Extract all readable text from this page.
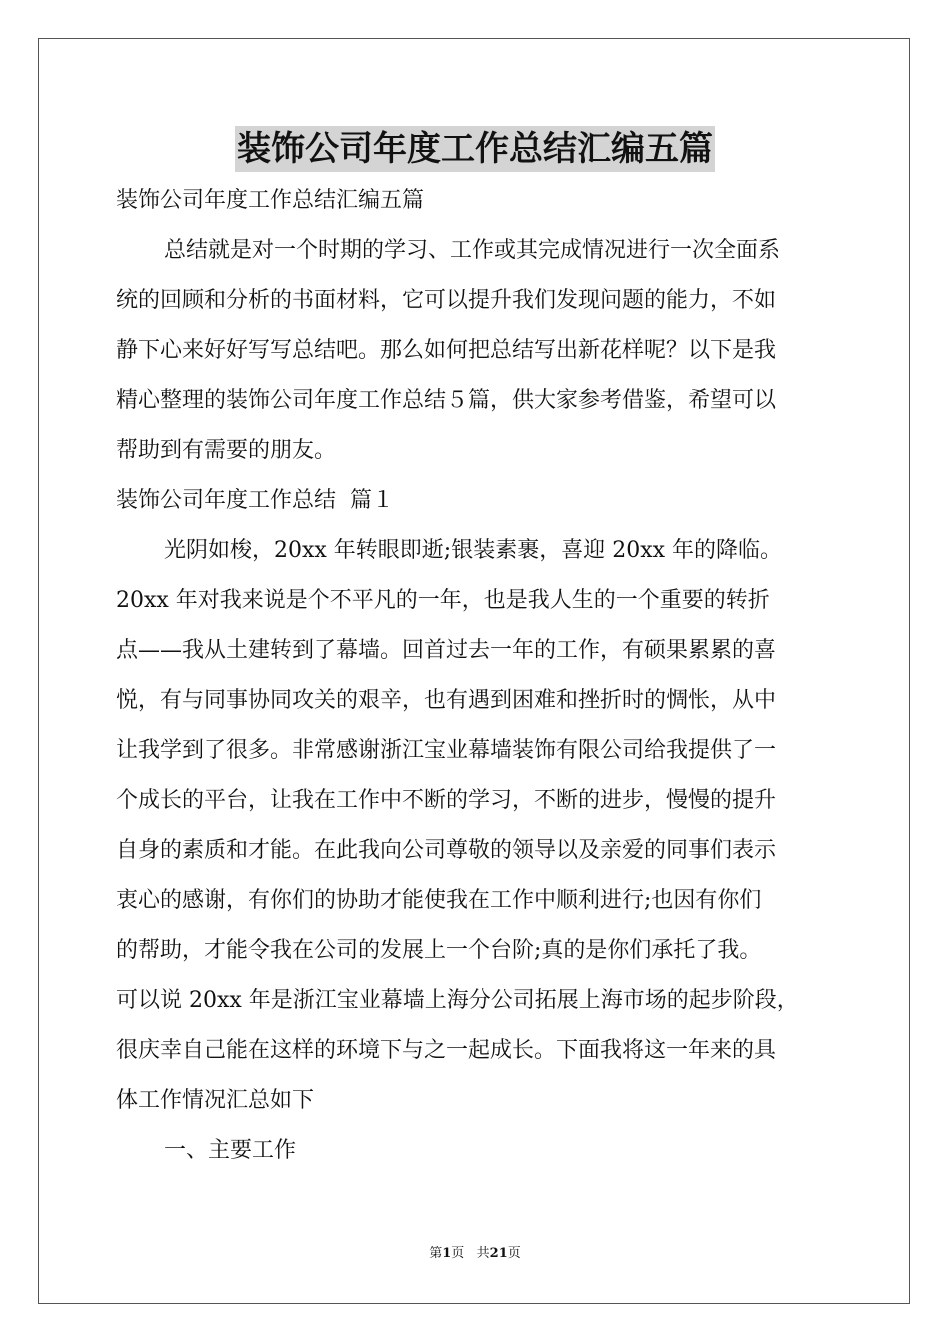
装饰公司年度工作总结汇编五篇
装饰公司年度工作总结汇编五篇
总结就是对一个时期的学习、工作或其完成情况进行一次全面系
统的回顾和分析的书面材料，它可以提升我们发现问题的能力，不如
静下心来好好写写总结吧。那么如何把总结写出新花样呢？以下是我
精心整理的装饰公司年度工作总结５篇，供大家参考借鉴，希望可以
帮助到有需要的朋友。
装饰公司年度工作总结  篇１
光阴如梭，20xx 年转眼即逝;银装素裹，喜迎 20xx 年的降临。
20xx 年对我来说是个不平凡的一年，也是我人生的一个重要的转折
点——我从土建转到了幕墙。回首过去一年的工作，有硕果累累的喜
悦，有与同事协同攻关的艰辛，也有遇到困难和挫折时的惆怅，从中
让我学到了很多。非常感谢浙江宝业幕墙装饰有限公司给我提供了一
个成长的平台，让我在工作中不断的学习，不断的进步，慢慢的提升
自身的素质和才能。在此我向公司尊敬的领导以及亲爱的同事们表示
衷心的感谢，有你们的协助才能使我在工作中顺利进行;也因有你们
的帮助，才能令我在公司的发展上一个台阶;真的是你们承托了我。
可以说 20xx 年是浙江宝业幕墙上海分公司拓展上海市场的起步阶段，
很庆幸自己能在这样的环境下与之一起成长。下面我将这一年来的具
体工作情况汇总如下
一、主要工作
第1页   共21页
